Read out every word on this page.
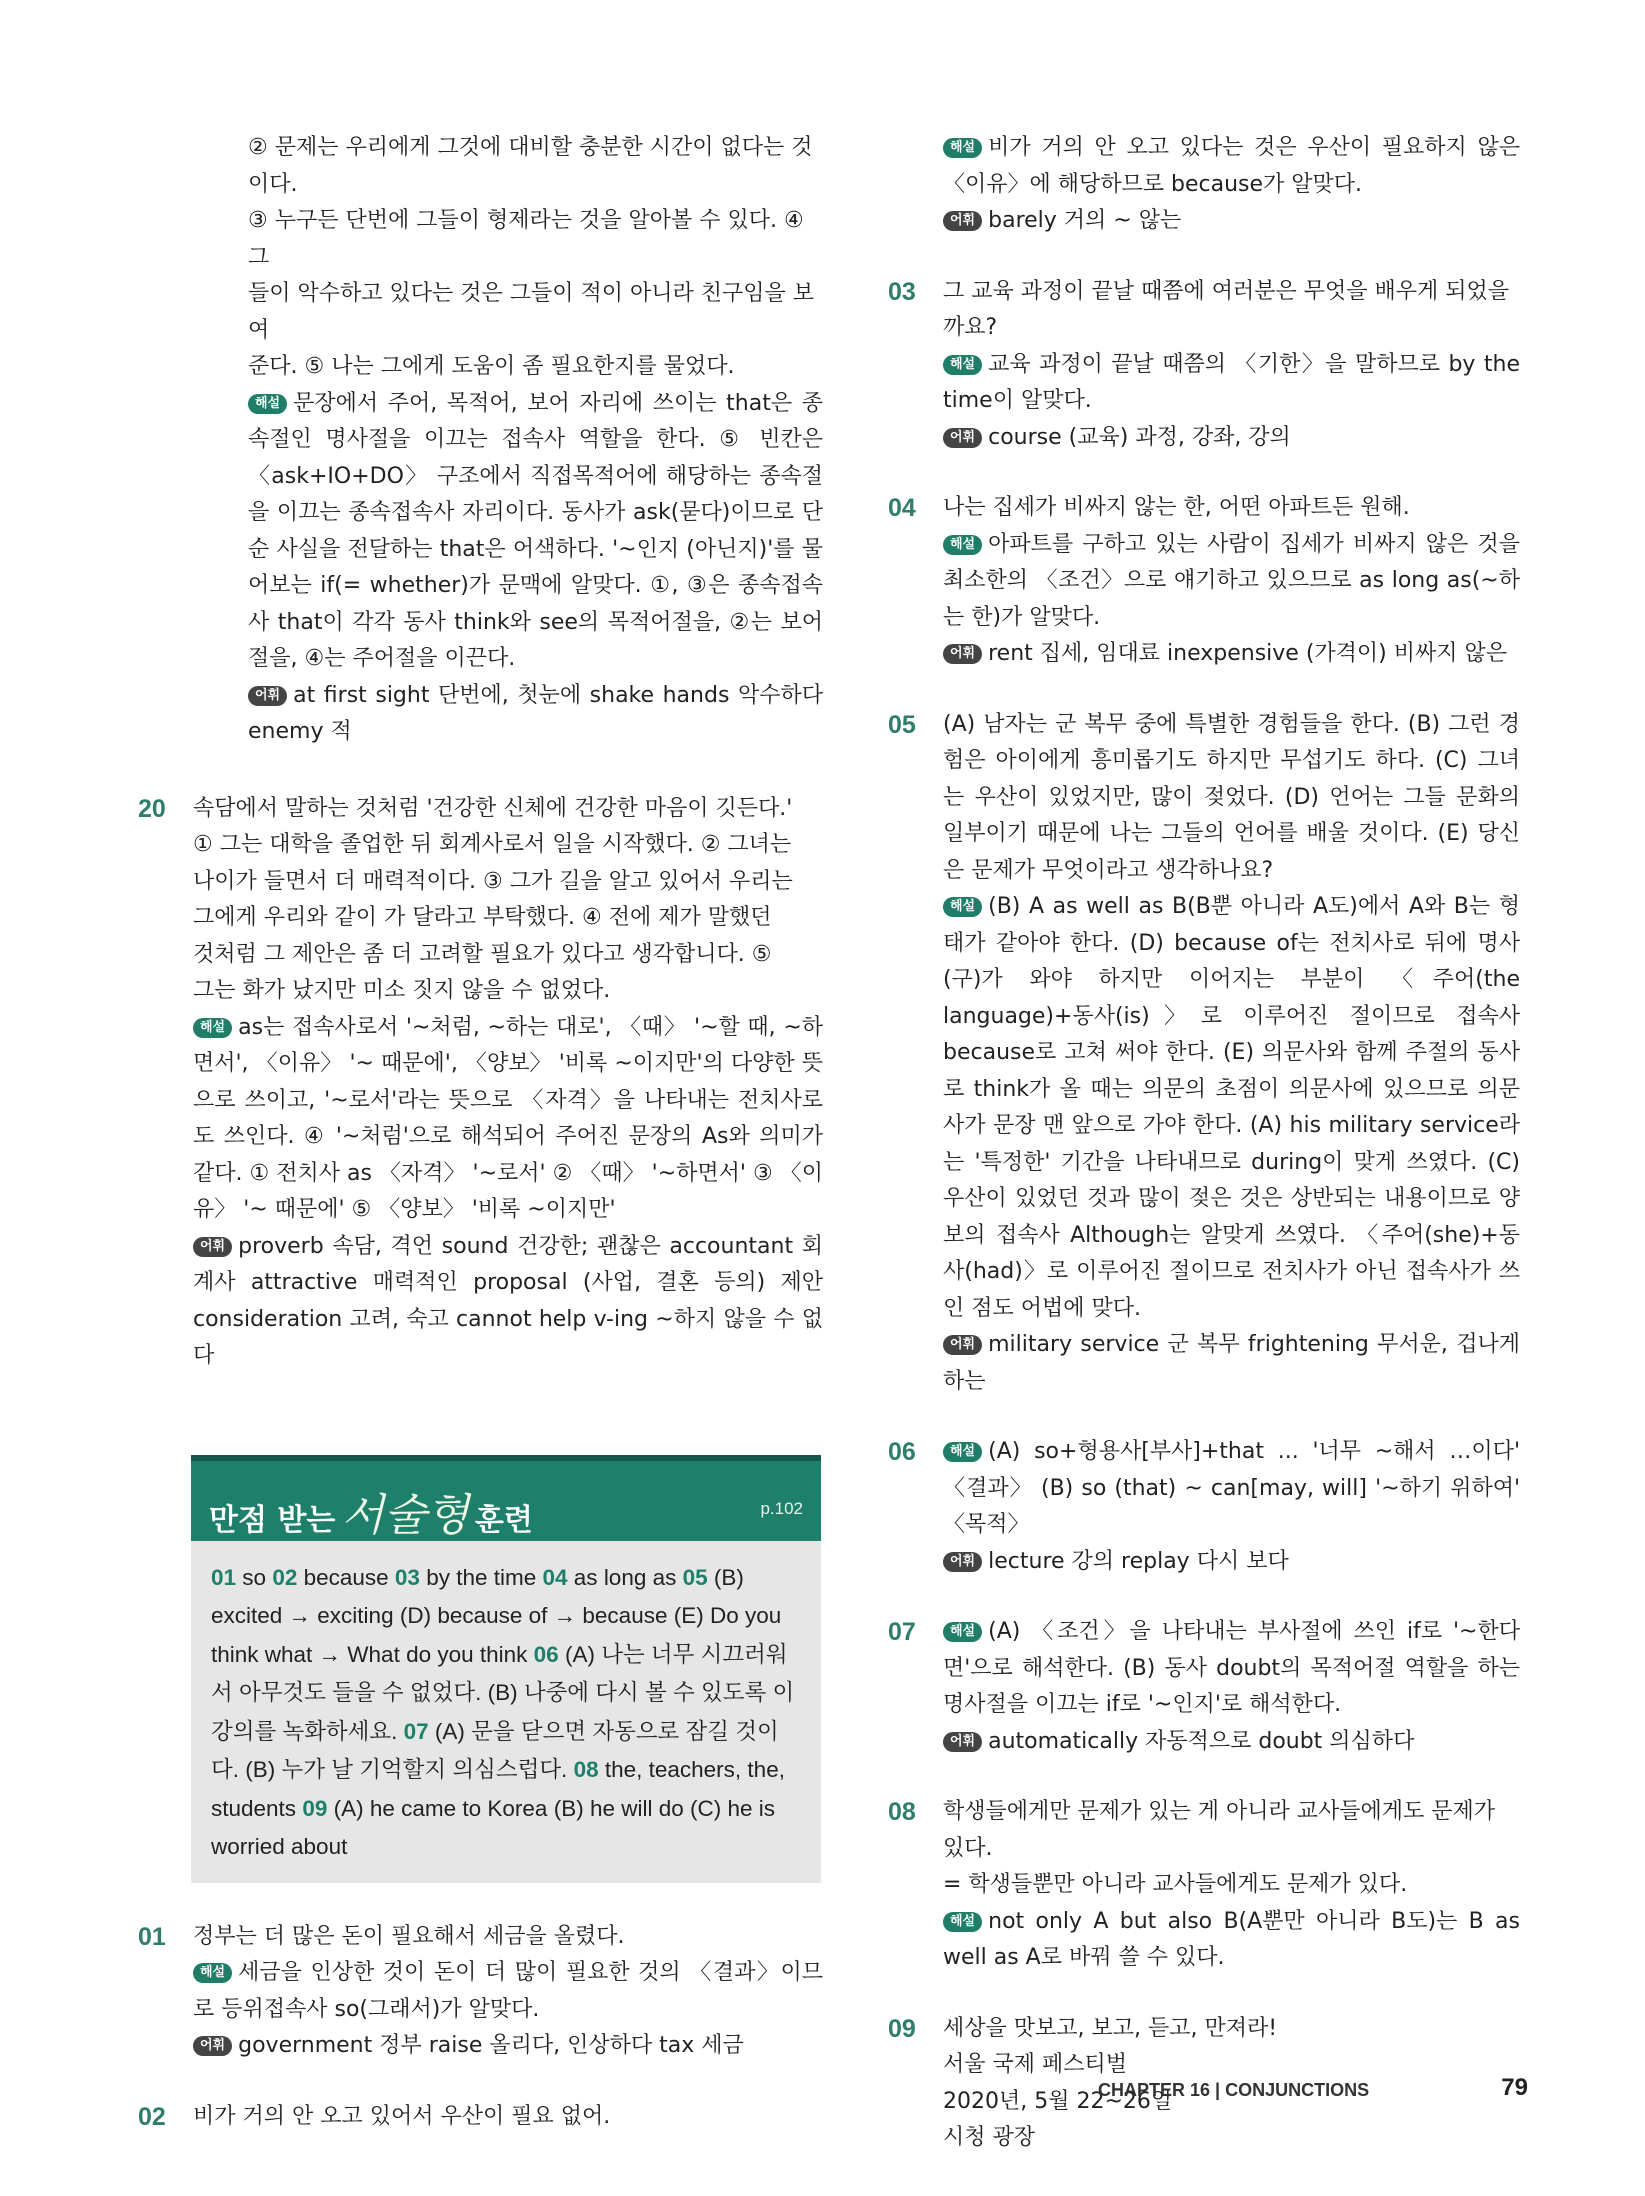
② 문제는 우리에게 그것에 대비할 충분한 시간이 없다는 것이다.

③ 누구든 단번에 그들이 형제라는 것을 알아볼 수 있다. ④ 그

들이 악수하고 있다는 것은 그들이 적이 아니라 친구임을 보여

준다. ⑤ 나는 그에게 도움이 좀 필요한지를 물었다.

해설 문장에서 주어, 목적어, 보어 자리에 쓰이는 that은 종속절인 명사절을 이끄는 접속사 역할을 한다. ⑤ 빈칸은 〈ask+IO+DO〉 구조에서 직접목적어에 해당하는 종속절을 이끄는 종속접속사 자리이다. 동사가 ask(묻다)이므로 단순 사실을 전달하는 that은 어색하다. '~인지 (아닌지)'를 물어보는 if(= whether)가 문맥에 알맞다. ①, ③은 종속접속사 that이 각각 동사 think와 see의 목적어절을, ②는 보어절을, ④는 주어절을 이끈다.

어휘 at first sight 단번에, 첫눈에 shake hands 악수하다 enemy 적

20 속담에서 말하는 것처럼 '건강한 신체에 건강한 마음이 깃든다.'

① 그는 대학을 졸업한 뒤 회계사로서 일을 시작했다. ② 그녀는

나이가 들면서 더 매력적이다. ③ 그가 길을 알고 있어서 우리는

그에게 우리와 같이 가 달라고 부탁했다. ④ 전에 제가 말했던

것처럼 그 제안은 좀 더 고려할 필요가 있다고 생각합니다. ⑤

그는 화가 났지만 미소 짓지 않을 수 없었다.

해설 as는 접속사로서 '~처럼, ~하는 대로', 〈때〉 '~할 때, ~하면서', 〈이유〉 '~ 때문에', 〈양보〉 '비록 ~이지만'의 다양한 뜻으로 쓰이고, '~로서'라는 뜻으로 〈자격〉을 나타내는 전치사로도 쓰인다. ④ '~처럼'으로 해석되어 주어진 문장의 As와 의미가 같다. ① 전치사 as 〈자격〉 '~로서' ② 〈때〉 '~하면서' ③ 〈이유〉 '~ 때문에' ⑤ 〈양보〉 '비록 ~이지만'

어휘 proverb 속담, 격언 sound 건강한; 괜찮은 accountant 회계사 attractive 매력적인 proposal (사업, 결혼 등의) 제안 consideration 고려, 숙고 cannot help v-ing ~하지 않을 수 없다

만점 받는 서술형 훈련	p.102
01 so 02 because 03 by the time 04 as long as 05 (B) excited → exciting (D) because of → because (E) Do you think what → What do you think 06 (A) 나는 너무 시끄러워서 아무것도 들을 수 없었다. (B) 나중에 다시 볼 수 있도록 이 강의를 녹화하세요. 07 (A) 문을 닫으면 자동으로 잠길 것이다. (B) 누가 날 기억할지 의심스럽다. 08 the, teachers, the, students 09 (A) he came to Korea (B) he will do (C) he is worried about
01 정부는 더 많은 돈이 필요해서 세금을 올렸다.

해설 세금을 인상한 것이 돈이 더 많이 필요한 것의 〈결과〉이므로 등위접속사 so(그래서)가 알맞다.

어휘 government 정부 raise 올리다, 인상하다 tax 세금

02 비가 거의 안 오고 있어서 우산이 필요 없어.

해설 비가 거의 안 오고 있다는 것은 우산이 필요하지 않은 〈이유〉에 해당하므로 because가 알맞다.

어휘 barely 거의 ~ 않는

03 그 교육 과정이 끝날 때쯤에 여러분은 무엇을 배우게 되었을까요?

해설 교육 과정이 끝날 때쯤의 〈기한〉을 말하므로 by the time이 알맞다.

어휘 course (교육) 과정, 강좌, 강의

04 나는 집세가 비싸지 않는 한, 어떤 아파트든 원해.

해설 아파트를 구하고 있는 사람이 집세가 비싸지 않은 것을 최소한의 〈조건〉으로 얘기하고 있으므로 as long as(~하는 한)가 알맞다.

어휘 rent 집세, 임대료 inexpensive (가격이) 비싸지 않은

05 (A) 남자는 군 복무 중에 특별한 경험들을 한다. (B) 그런 경험은 아이에게 흥미롭기도 하지만 무섭기도 하다. (C) 그녀는 우산이 있었지만, 많이 젖었다. (D) 언어는 그들 문화의 일부이기 때문에 나는 그들의 언어를 배울 것이다. (E) 당신은 문제가 무엇이라고 생각하나요?

해설 (B) A as well as B(B뿐 아니라 A도)에서 A와 B는 형태가 같아야 한다. (D) because of는 전치사로 뒤에 명사(구)가 와야 하지만 이어지는 부분이 〈주어(the language)+동사(is)〉로 이루어진 절이므로 접속사 because로 고쳐 써야 한다. (E) 의문사와 함께 주절의 동사로 think가 올 때는 의문의 초점이 의문사에 있으므로 의문사가 문장 맨 앞으로 가야 한다. (A) his military service라는 '특정한' 기간을 나타내므로 during이 맞게 쓰였다. (C) 우산이 있었던 것과 많이 젖은 것은 상반되는 내용이므로 양보의 접속사 Although는 알맞게 쓰였다. 〈주어(she)+동사(had)〉로 이루어진 절이므로 전치사가 아닌 접속사가 쓰인 점도 어법에 맞다.

어휘 military service 군 복무 frightening 무서운, 겁나게 하는

06	해설 (A) so+형용사[부사]+that ... '너무 ~해서 …이다' 〈결과〉 (B) so (that) ~ can[may, will] '~하기 위하여' 〈목적〉

어휘 lecture 강의 replay 다시 보다

07	해설 (A) 〈조건〉을 나타내는 부사절에 쓰인 if로 '~한다면'으로 해석한다. (B) 동사 doubt의 목적어절 역할을 하는 명사절을 이끄는 if로 '~인지'로 해석한다.

어휘 automatically 자동적으로 doubt 의심하다

08 학생들에게만 문제가 있는 게 아니라 교사들에게도 문제가 있다.

= 학생들뿐만 아니라 교사들에게도 문제가 있다.

해설 not only A but also B(A뿐만 아니라 B도)는 B as well as A로 바꿔 쓸 수 있다.

09 세상을 맛보고, 보고, 듣고, 만져라!

서울 국제 페스티벌

2020년, 5월 22~26일

시청 광장

CHAPTER 16 | CONJUNCTIONS	79
